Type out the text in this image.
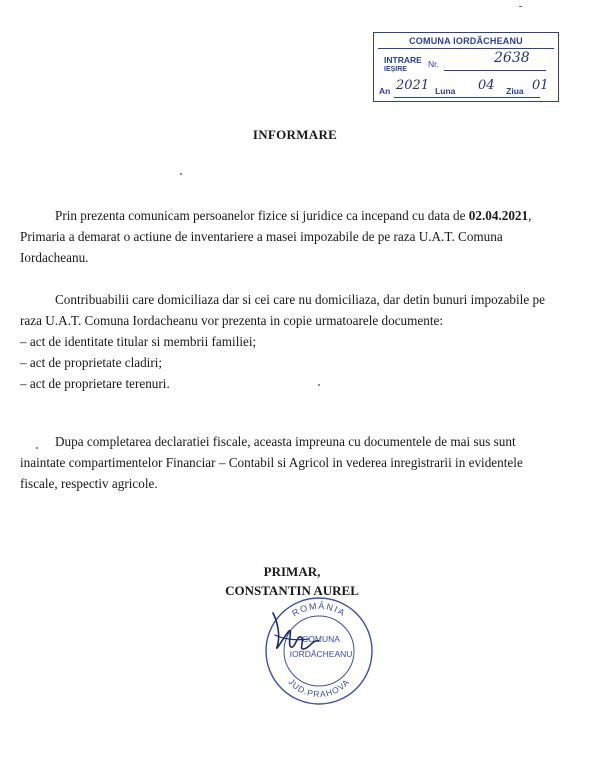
COMUNA IORDĂCHEANU
INTRARE
IEȘIRE
Nr.	2638
An	Luna	Ziua
2021	04	01
INFORMARE

Prin prezenta comunicam persoanelor fizice si juridice ca incepand cu data de 02.04.2021, Primaria a demarat o actiune de inventariere a masei impozabile de pe raza U.A.T. Comuna Iordacheanu.

Contribuabilii care domiciliaza dar si cei care nu domiciliaza, dar detin bunuri impozabile pe raza U.A.T. Comuna Iordacheanu vor prezenta in copie urmatoarele documente:

– act de identitate titular si membrii familiei;

– act de proprietate cladiri;

– act de proprietare terenuri.

Dupa completarea declaratiei fiscale, aceasta impreuna cu documentele de mai sus sunt inaintate compartimentelor Financiar – Contabil si Agricol in vederea inregistrarii in evidentele fiscale, respectiv agricole.

PRIMAR,
CONSTANTIN AUREL
ROMÂNIA
JUD.PRAHOVA
COMUNA
IORDĂCHEANU
